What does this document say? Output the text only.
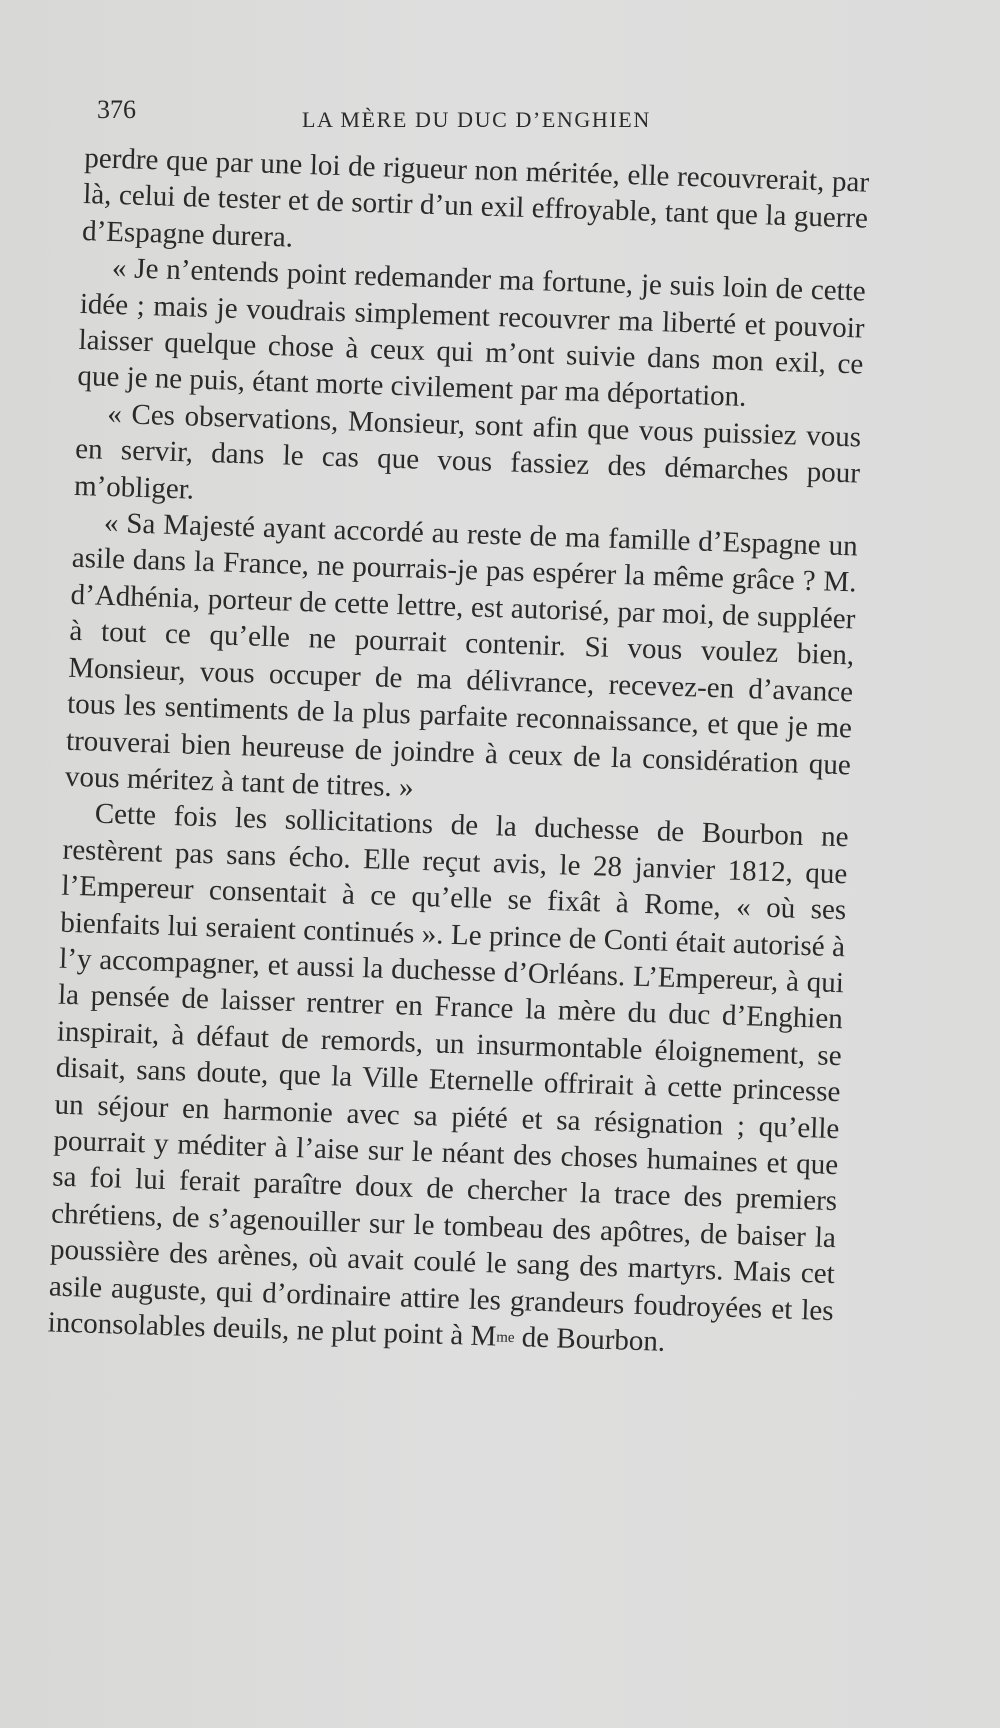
376	LA MÈRE DU DUC D’ENGHIEN

perdre que par une loi de rigueur non méritée, elle recouvrerait, par là, celui de tester et de sortir d’un exil effroyable, tant que la guerre d’Espagne durera.

« Je n’entends point redemander ma fortune, je suis loin de cette idée ; mais je voudrais simplement recouvrer ma liberté et pouvoir laisser quelque chose à ceux qui m’ont suivie dans mon exil, ce que je ne puis, étant morte civilement par ma déportation.

« Ces observations, Monsieur, sont afin que vous puissiez vous en servir, dans le cas que vous fassiez des démarches pour m’obliger.

« Sa Majesté ayant accordé au reste de ma famille d’Espagne un asile dans la France, ne pourrais-je pas espérer la même grâce ? M. d’Adhénia, porteur de cette lettre, est autorisé, par moi, de suppléer à tout ce qu’elle ne pourrait contenir. Si vous voulez bien, Monsieur, vous occuper de ma délivrance, recevez-en d’avance tous les sentiments de la plus parfaite reconnaissance, et que je me trouverai bien heureuse de joindre à ceux de la considération que vous méritez à tant de titres. »

Cette fois les sollicitations de la duchesse de Bourbon ne restèrent pas sans écho. Elle reçut avis, le 28 janvier 1812, que l’Empereur consentait à ce qu’elle se fixât à Rome, « où ses bienfaits lui seraient continués ». Le prince de Conti était autorisé à l’y accompagner, et aussi la duchesse d’Orléans. L’Empereur, à qui la pensée de laisser rentrer en France la mère du duc d’Enghien inspirait, à défaut de remords, un insurmontable éloignement, se disait, sans doute, que la Ville Eternelle offrirait à cette princesse un séjour en harmonie avec sa piété et sa résignation ; qu’elle pourrait y méditer à l’aise sur le néant des choses humaines et que sa foi lui ferait paraître doux de chercher la trace des premiers chrétiens, de s’agenouiller sur le tombeau des apôtres, de baiser la poussière des arènes, où avait coulé le sang des martyrs. Mais cet asile auguste, qui d’ordinaire attire les grandeurs foudroyées et les inconsolables deuils, ne plut point à $M^{me}$ de Bourbon.
